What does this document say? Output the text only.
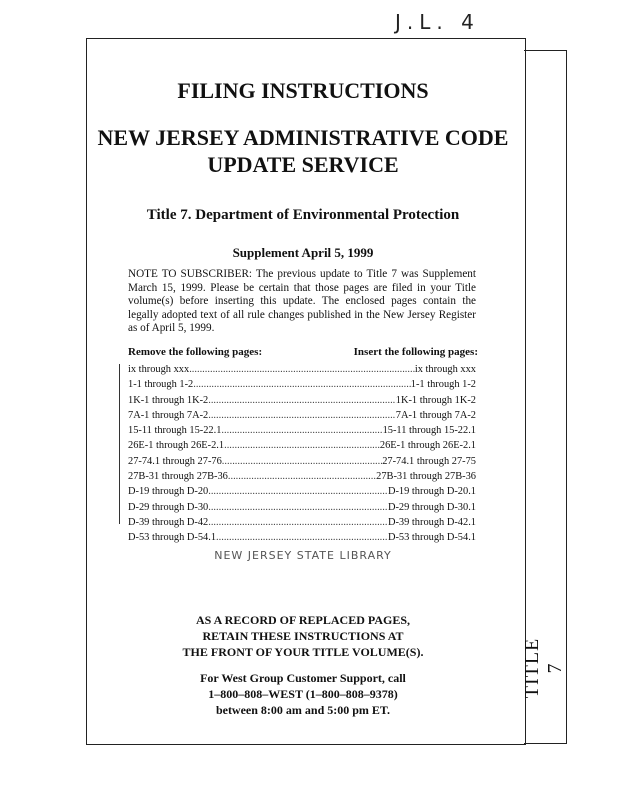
TITLE 7
J.L. 4
FILING INSTRUCTIONS
NEW JERSEY ADMINISTRATIVE CODE
UPDATE SERVICE
Title 7. Department of Environmental Protection
Supplement April 5, 1999
NOTE TO SUBSCRIBER: The previous update to Title 7 was Supplement March 15, 1999. Please be certain that those pages are filed in your Title volume(s) before inserting this update. The enclosed pages contain the legally adopted text of all rule changes published in the New Jersey Register as of April 5, 1999.
Remove the following pages:	Insert the following pages:
ix through xxx .....	ix through xxx
1-1 through 1-2 .....	1-1 through 1-2
1K-1 through 1K-2 .....	1K-1 through 1K-2
7A-1 through 7A-2 .....	7A-1 through 7A-2
15-11 through 15-22.1 .....	15-11 through 15-22.1
26E-1 through 26E-2.1 .....	26E-1 through 26E-2.1
27-74.1 through 27-76 .....	27-74.1 through 27-75
27B-31 through 27B-36 .....	27B-31 through 27B-36
D-19 through D-20 .....	D-19 through D-20.1
D-29 through D-30 .....	D-29 through D-30.1
D-39 through D-42 .....	D-39 through D-42.1
D-53 through D-54.1 .....	D-53 through D-54.1
NEW JERSEY STATE LIBRARY
AS A RECORD OF REPLACED PAGES,
RETAIN THESE INSTRUCTIONS AT
THE FRONT OF YOUR TITLE VOLUME(S).
For West Group Customer Support, call
1–800–808–WEST (1–800–808–9378)
between 8:00 am and 5:00 pm ET.
